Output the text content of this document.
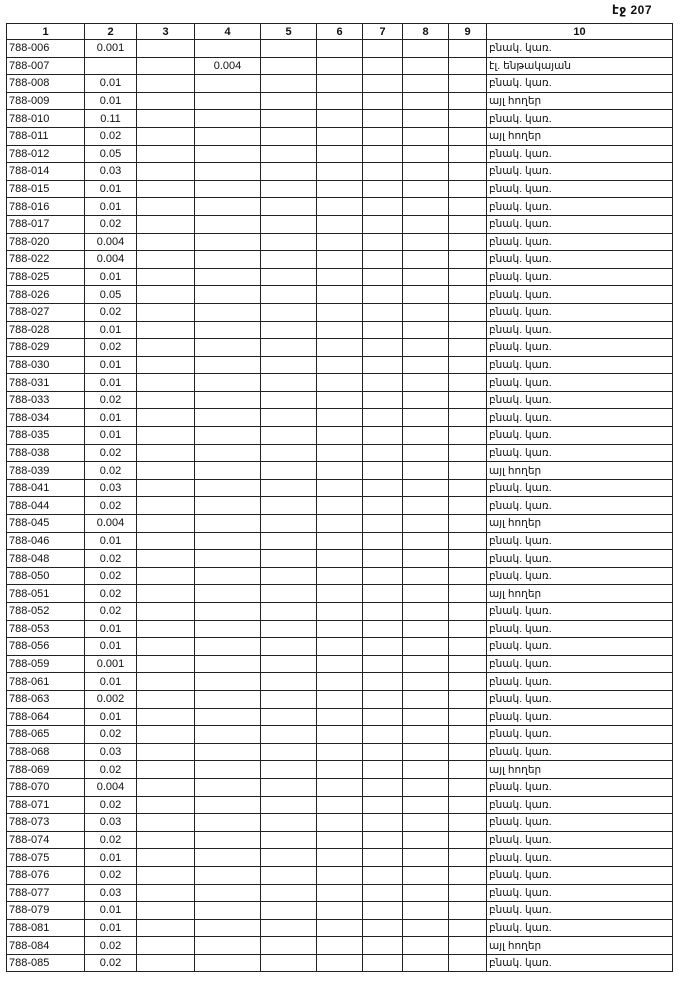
էջ 207
1	2	3	4	5	6	7	8	9	10
788-006	0.001								բնակ. կառ.
788-007			0.004						էլ. ենթակայան
788-008	0.01								բնակ. կառ.
788-009	0.01								այլ հողեր
788-010	0.11								բնակ. կառ.
788-011	0.02								այլ հողեր
788-012	0.05								բնակ. կառ.
788-014	0.03								բնակ. կառ.
788-015	0.01								բնակ. կառ.
788-016	0.01								բնակ. կառ.
788-017	0.02								բնակ. կառ.
788-020	0.004								բնակ. կառ.
788-022	0.004								բնակ. կառ.
788-025	0.01								բնակ. կառ.
788-026	0.05								բնակ. կառ.
788-027	0.02								բնակ. կառ.
788-028	0.01								բնակ. կառ.
788-029	0.02								բնակ. կառ.
788-030	0.01								բնակ. կառ.
788-031	0.01								բնակ. կառ.
788-033	0.02								բնակ. կառ.
788-034	0.01								բնակ. կառ.
788-035	0.01								բնակ. կառ.
788-038	0.02								բնակ. կառ.
788-039	0.02								այլ հողեր
788-041	0.03								բնակ. կառ.
788-044	0.02								բնակ. կառ.
788-045	0.004								այլ հողեր
788-046	0.01								բնակ. կառ.
788-048	0.02								բնակ. կառ.
788-050	0.02								բնակ. կառ.
788-051	0.02								այլ հողեր
788-052	0.02								բնակ. կառ.
788-053	0.01								բնակ. կառ.
788-056	0.01								բնակ. կառ.
788-059	0.001								բնակ. կառ.
788-061	0.01								բնակ. կառ.
788-063	0.002								բնակ. կառ.
788-064	0.01								բնակ. կառ.
788-065	0.02								բնակ. կառ.
788-068	0.03								բնակ. կառ.
788-069	0.02								այլ հողեր
788-070	0.004								բնակ. կառ.
788-071	0.02								բնակ. կառ.
788-073	0.03								բնակ. կառ.
788-074	0.02								բնակ. կառ.
788-075	0.01								բնակ. կառ.
788-076	0.02								բնակ. կառ.
788-077	0.03								բնակ. կառ.
788-079	0.01								բնակ. կառ.
788-081	0.01								բնակ. կառ.
788-084	0.02								այլ հողեր
788-085	0.02								բնակ. կառ.
